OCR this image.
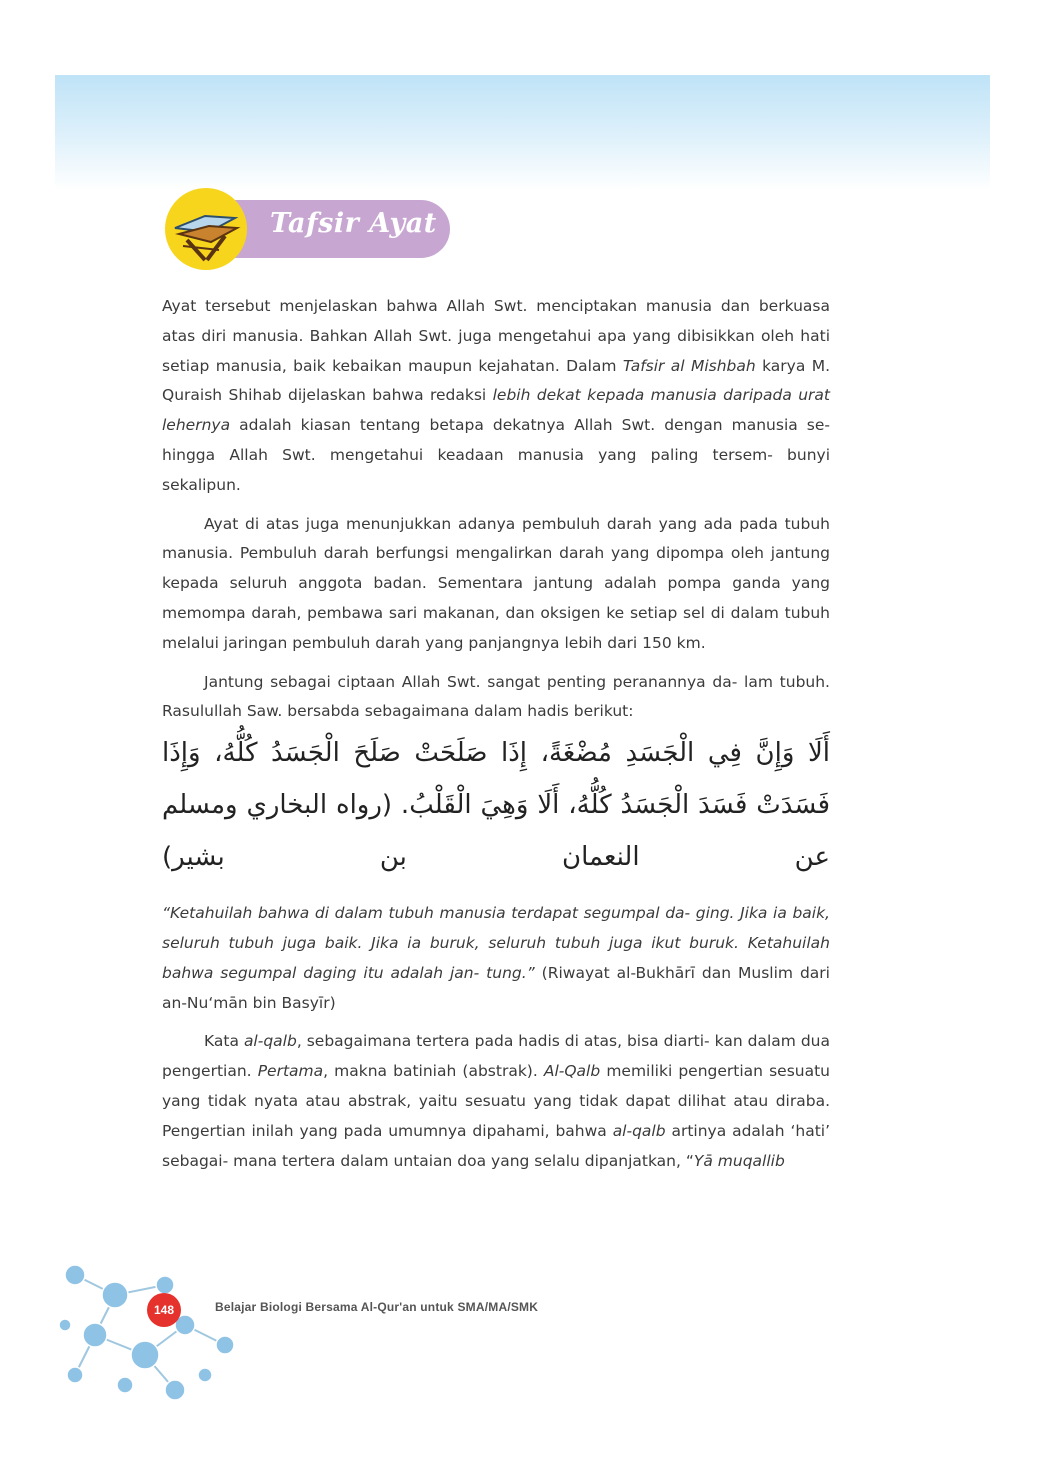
Tafsir Ayat

Ayat tersebut menjelaskan bahwa Allah Swt. menciptakan manusia dan berkuasa atas diri manusia. Bahkan Allah Swt. juga mengetahui apa yang dibisikkan oleh hati setiap manusia, baik kebaikan maupun kejahatan. Dalam Tafsir al Mishbah karya M. Quraish Shihab dijelaskan bahwa redaksi lebih dekat kepada manusia daripada urat lehernya adalah kiasan tentang betapa dekatnya Allah Swt. dengan manusia se- hingga Allah Swt. mengetahui keadaan manusia yang paling tersem- bunyi sekalipun.

Ayat di atas juga menunjukkan adanya pembuluh darah yang ada pada tubuh manusia. Pembuluh darah berfungsi mengalirkan darah yang dipompa oleh jantung kepada seluruh anggota badan. Sementara jantung adalah pompa ganda yang memompa darah, pembawa sari makanan, dan oksigen ke setiap sel di dalam tubuh melalui jaringan pembuluh darah yang panjangnya lebih dari 150 km.

Jantung sebagai ciptaan Allah Swt. sangat penting peranannya da- lam tubuh. Rasulullah Saw. bersabda sebagaimana dalam hadis berikut:

أَلَا وَإِنَّ فِي الْجَسَدِ مُضْغَةً، إِذَا صَلَحَتْ صَلَحَ الْجَسَدُ كُلُّهُ، وَإِذَا فَسَدَتْ فَسَدَ الْجَسَدُ كُلُّهُ، أَلَا وَهِيَ الْقَلْبُ. (رواه البخاري ومسلم عن النعمان بن بشير)

“Ketahuilah bahwa di dalam tubuh manusia terdapat segumpal da- ging. Jika ia baik, seluruh tubuh juga baik. Jika ia buruk, seluruh tubuh juga ikut buruk. Ketahuilah bahwa segumpal daging itu adalah jan- tung.” (Riwayat al-Bukhārī dan Muslim dari an-Nu‘mān bin Basyīr)

Kata al-qalb, sebagaimana tertera pada hadis di atas, bisa diarti- kan dalam dua pengertian. Pertama, makna batiniah (abstrak). Al-Qalb memiliki pengertian sesuatu yang tidak nyata atau abstrak, yaitu sesuatu yang tidak dapat dilihat atau diraba. Pengertian inilah yang pada umumnya dipahami, bahwa al-qalb artinya adalah ‘hati’ sebagai- mana tertera dalam untaian doa yang selalu dipanjatkan, “Yā muqallib

148	Belajar Biologi Bersama Al-Qur'an untuk SMA/MA/SMK
